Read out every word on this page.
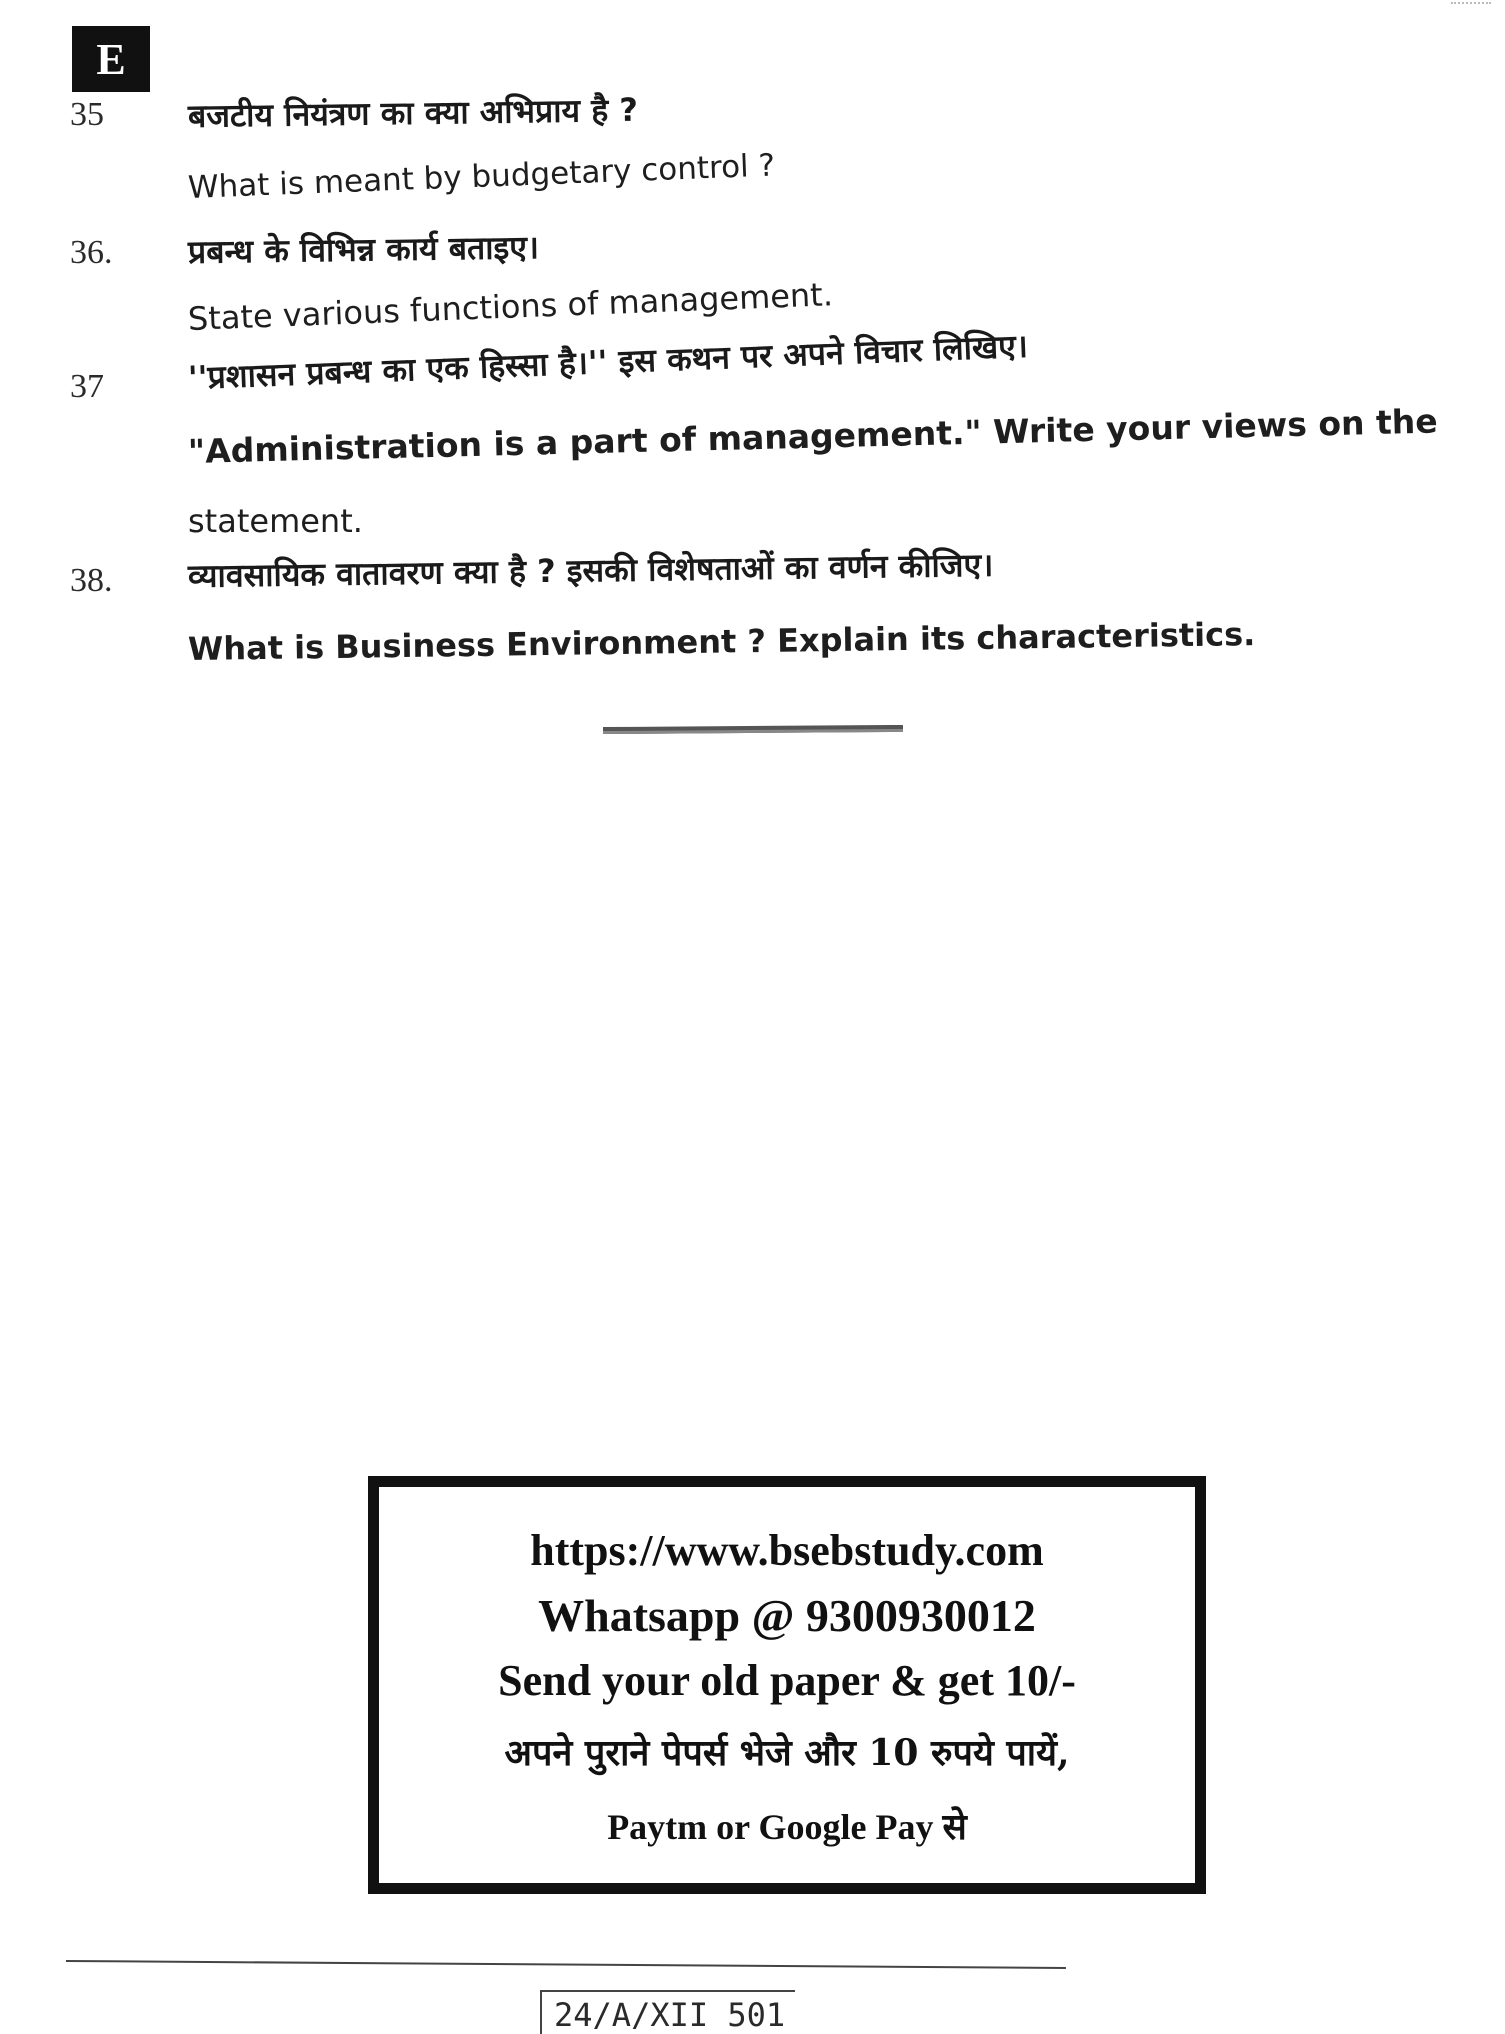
E
35	बजटीय नियंत्रण का क्या अभिप्राय है ?
What is meant by budgetary control ?
36. प्रबन्ध के विभिन्न कार्य बताइए।
State various functions of management.
37	''प्रशासन प्रबन्ध का एक हिस्सा है।'' इस कथन पर अपने विचार लिखिए।
"Administration is a part of management." Write your views on the
statement.
38. व्यावसायिक वातावरण क्या है ? इसकी विशेषताओं का वर्णन कीजिए।
What is Business Environment ? Explain its characteristics.
https://www.bsebstudy.com
Whatsapp @ 9300930012
Send your old paper & get 10/-
अपने पुराने पेपर्स भेजे और 10 रुपये पायें,
Paytm or Google Pay से
24/A/XII 501
